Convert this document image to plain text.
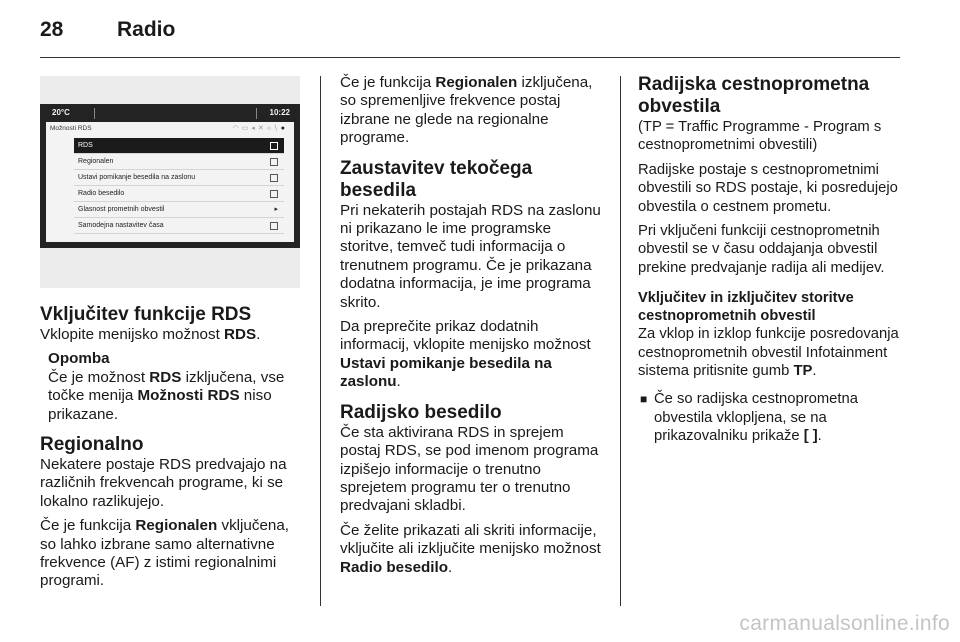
28	Radio
20°C	10:22
Možnosti RDS	◠▭◂✕◃∖●
RDS
Regionalen
Ustavi pomikanje besedila na zaslonu
Radio besedilo
Glasnost prometnih obvestil	▸
Samodejna nastavitev časa
Vključitev funkcije RDS

Vklopite menijsko možnost RDS.

Opomba

Če je možnost RDS izključena, vse točke menija Možnosti RDS niso prikazane.

Regionalno

Nekatere postaje RDS predvajajo na različnih frekvencah programe, ki se lokalno razlikujejo.

Če je funkcija Regionalen vključena, so lahko izbrane samo alternativne frekvence (AF) z istimi regionalnimi programi.

Če je funkcija Regionalen izključena, so spremenljive frekvence postaj izbrane ne glede na regionalne programe.

Zaustavitev tekočega besedila

Pri nekaterih postajah RDS na zaslonu ni prikazano le ime programske storitve, temveč tudi informacija o trenutnem programu. Če je prikazana dodatna informacija, je ime programa skrito.

Da preprečite prikaz dodatnih informacij, vklopite menijsko možnost Ustavi pomikanje besedila na zaslonu.

Radijsko besedilo

Če sta aktivirana RDS in sprejem postaj RDS, se pod imenom programa izpišejo informacije o trenutno sprejetem programu ter o trenutno predvajani skladbi.

Če želite prikazati ali skriti informacije, vključite ali izključite menijsko možnost Radio besedilo.

Radijska cestnoprometna obvestila

(TP = Traffic Programme - Program s cestnoprometnimi obvestili)

Radijske postaje s cestnoprometnimi obvestili so RDS postaje, ki posredujejo obvestila o cestnem prometu.

Pri vključeni funkciji cestnoprometnih obvestil se v času oddajanja obvestil prekine predvajanje radija ali medijev.

Vključitev in izključitev storitve cestnoprometnih obvestil

Za vklop in izklop funkcije posredovanja cestnoprometnih obvestil Infotainment sistema pritisnite gumb TP.

■ Če so radijska cestnoprometna obvestila vklopljena, se na prikazovalniku prikaže [ ].

carmanualsonline.info
